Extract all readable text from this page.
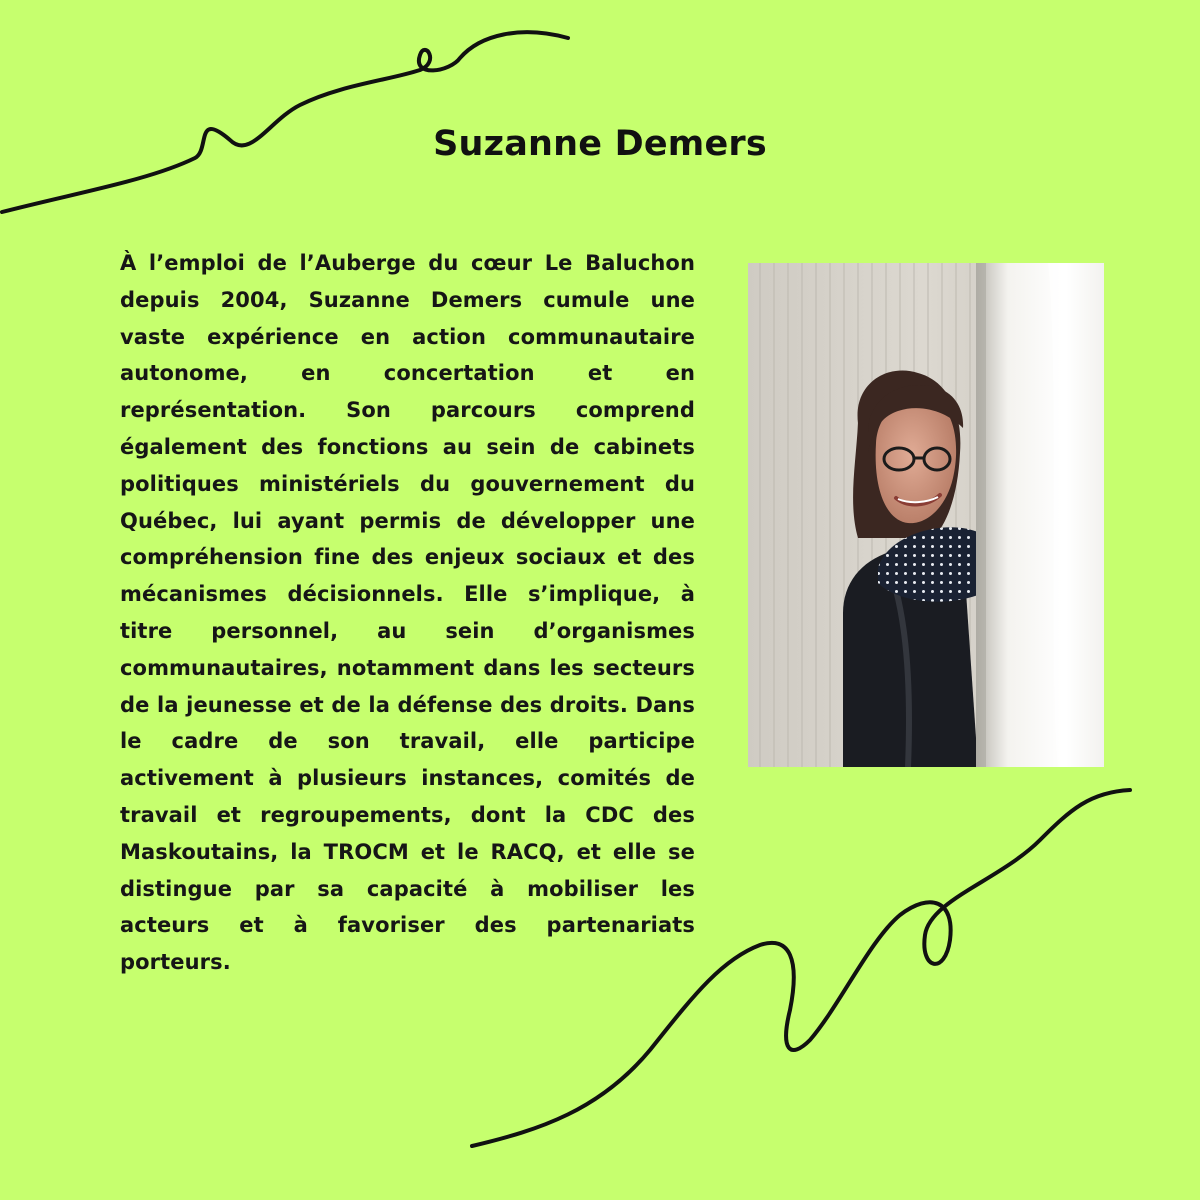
Suzanne Demers

À l’emploi de l’Auberge du cœur Le Baluchon depuis 2004, Suzanne Demers cumule une vaste expérience en action communautaire autonome, en concertation et en représentation. Son parcours comprend également des fonctions au sein de cabinets politiques ministériels du gouvernement du Québec, lui ayant permis de développer une compréhension fine des enjeux sociaux et des mécanismes décisionnels. Elle s’implique, à titre personnel, au sein d’organismes communautaires, notamment dans les secteurs de la jeunesse et de la défense des droits. Dans le cadre de son travail, elle participe activement à plusieurs instances, comités de travail et regroupements, dont la CDC des Maskoutains, la TROCM et le RACQ, et elle se distingue par sa capacité à mobiliser les acteurs et à favoriser des partenariats porteurs.
